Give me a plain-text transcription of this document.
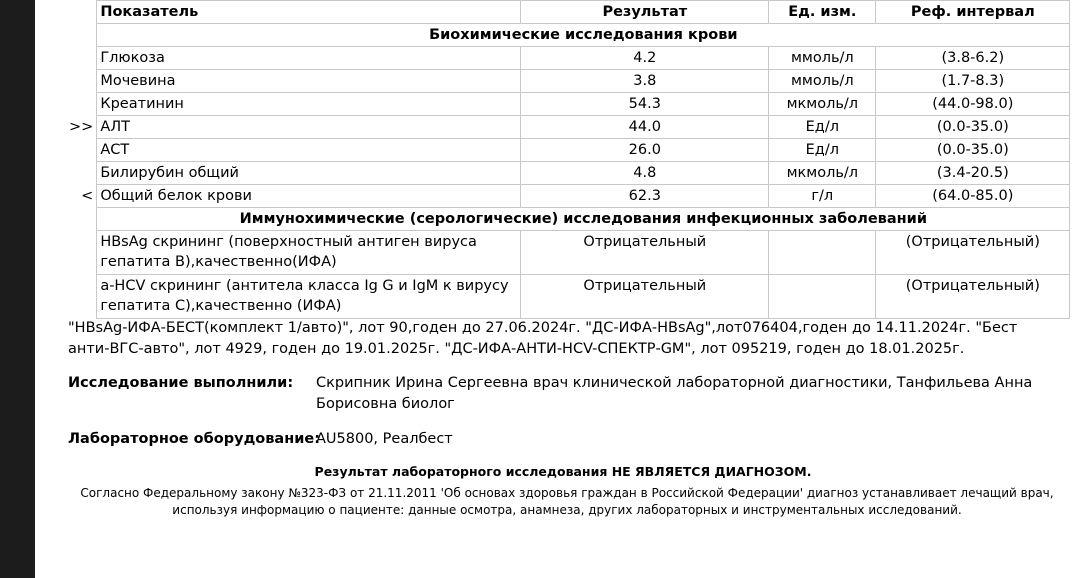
	Показатель	Результат	Ед. изм.	Реф. интервал
	Биохимические исследования крови			
	Глюкоза	4.2	ммоль/л	(3.8-6.2)
	Мочевина	3.8	ммоль/л	(1.7-8.3)
	Креатинин	54.3	мкмоль/л	(44.0-98.0)
>>	АЛТ	44.0	Ед/л	(0.0-35.0)
	АСТ	26.0	Ед/л	(0.0-35.0)
	Билирубин общий	4.8	мкмоль/л	(3.4-20.5)
<	Общий белок крови	62.3	г/л	(64.0-85.0)
	Иммунохимические (серологические) исследования инфекционных заболеваний			
	HBsAg скрининг (поверхностный антиген вируса гепатита В),качественно(ИФА)	Отрицательный		(Отрицательный)
	a-HCV скрининг (антитела класса Ig G и IgM к вирусу гепатита С),качественно (ИФА)	Отрицательный		(Отрицательный)
"HBsAg-ИФА-БЕСТ(комплект 1/авто)", лот 90,годен до 27.06.2024г. "ДС-ИФА-HBsAg",лот076404,годен до 14.11.2024г. "Бест анти-ВГС-авто", лот 4929, годен до 19.01.2025г. "ДС-ИФА-АНТИ-HCV-СПЕКТР-GM", лот 095219, годен до 18.01.2025г.
Исследование выполнили: Скрипник Ирина Сергеевна врач клинической лабораторной диагностики, Танфильева Анна Борисовна биолог
Лабораторное оборудование:
AU5800, Реалбест
Результат лабораторного исследования НЕ ЯВЛЯЕТСЯ ДИАГНОЗОМ.
Согласно Федеральному закону №323-ФЗ от 21.11.2011 'Об основах здоровья граждан в Российской Федерации' диагноз устанавливает лечащий врач, используя информацию о пациенте: данные осмотра, анамнеза, других лабораторных и инструментальных исследований.
